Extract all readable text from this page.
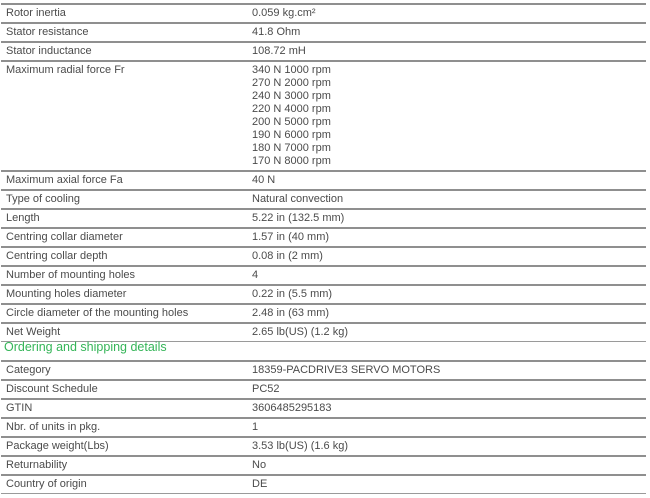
Rotor inertia	0.059 kg.cm²
Stator resistance	41.8 Ohm
Stator inductance	108.72 mH
Maximum radial force Fr	340 N 1000 rpm
270 N 2000 rpm
240 N 3000 rpm
220 N 4000 rpm
200 N 5000 rpm
190 N 6000 rpm
180 N 7000 rpm
170 N 8000 rpm
Maximum axial force Fa	40 N
Type of cooling	Natural convection
Length	5.22 in (132.5 mm)
Centring collar diameter	1.57 in (40 mm)
Centring collar depth	0.08 in (2 mm)
Number of mounting holes	4
Mounting holes diameter	0.22 in (5.5 mm)
Circle diameter of the mounting holes	2.48 in (63 mm)
Net Weight	2.65 lb(US) (1.2 kg)
Ordering and shipping details
Category	18359-PACDRIVE3 SERVO MOTORS
Discount Schedule	PC52
GTIN	3606485295183
Nbr. of units in pkg.	1
Package weight(Lbs)	3.53 lb(US) (1.6 kg)
Returnability	No
Country of origin	DE
